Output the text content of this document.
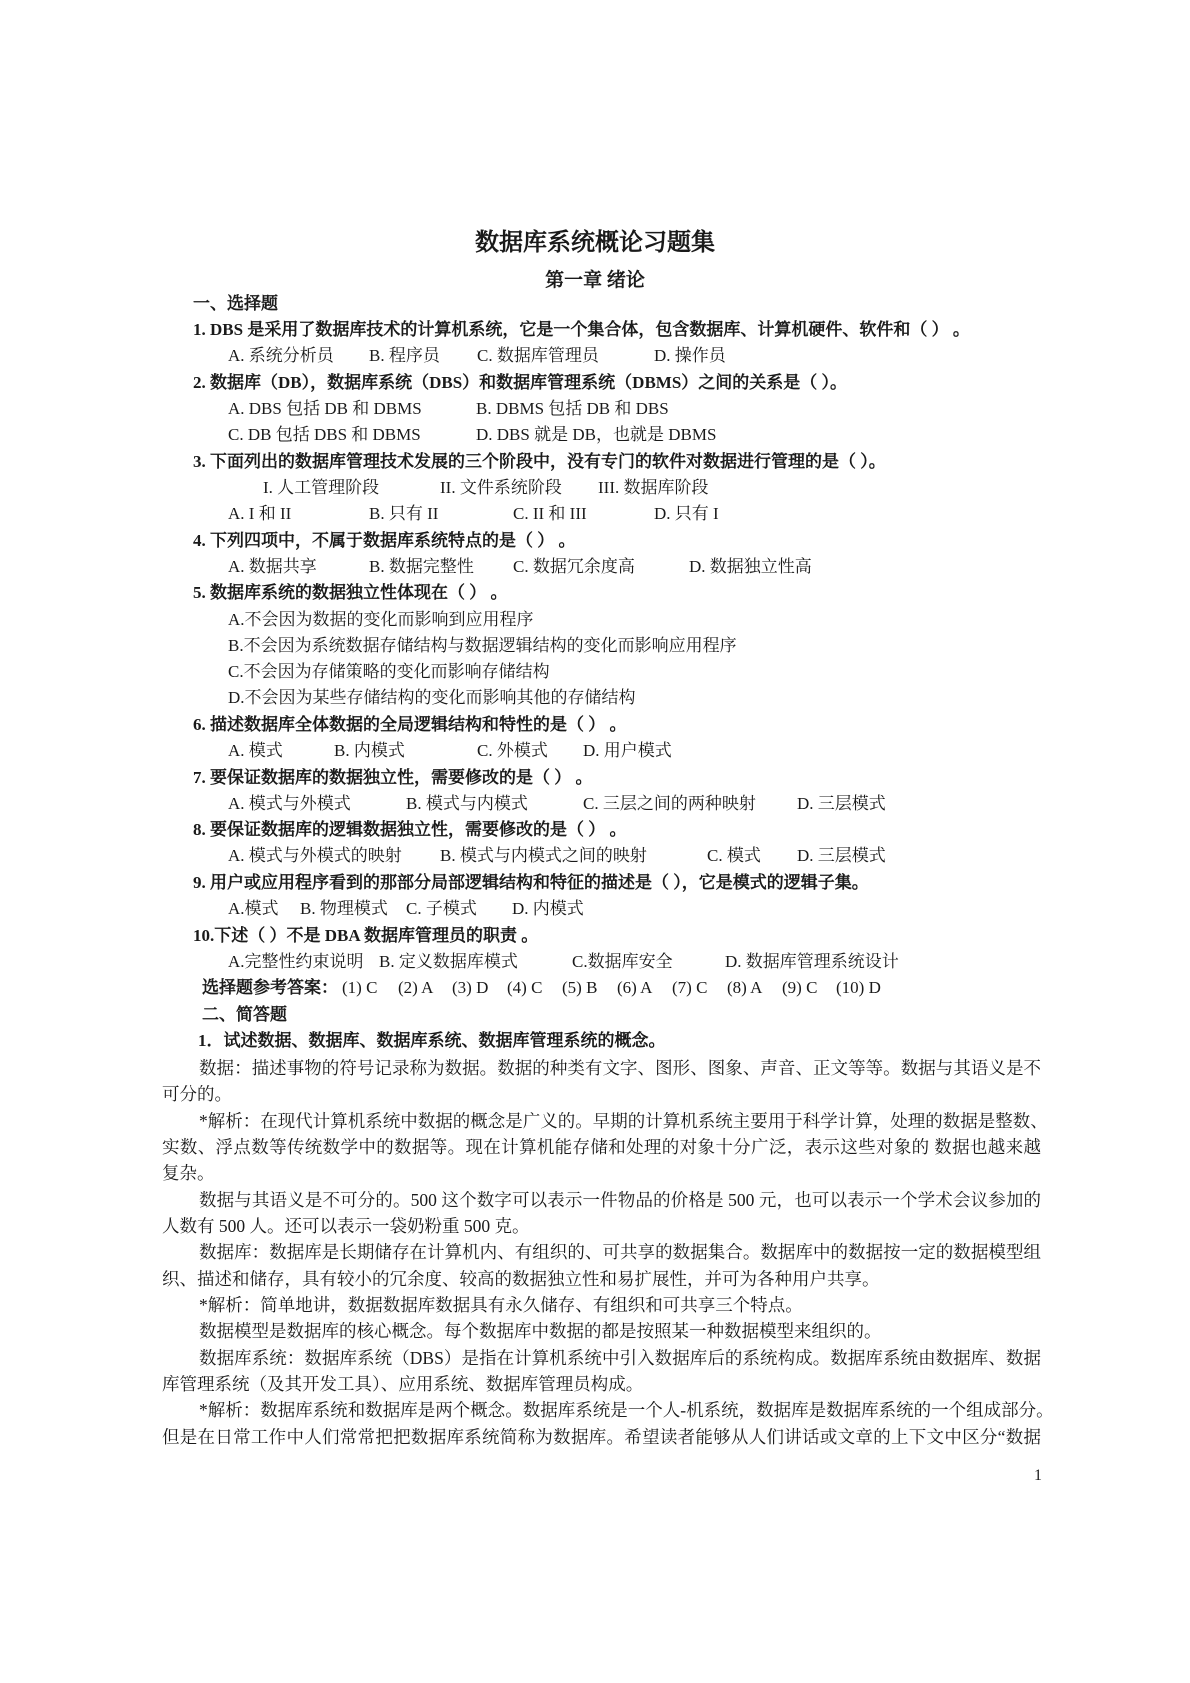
数据库系统概论习题集
第一章 绪论
一、选择题
1. DBS 是采用了数据库技术的计算机系统，它是一个集合体，包含数据库、计算机硬件、软件和（ ） 。
A. 系统分析员 B. 程序员 C. 数据库管理员	D. 操作员
2. 数据库（DB），数据库系统（DBS）和数据库管理系统（DBMS）之间的关系是（ ）。
A. DBS 包括 DB 和 DBMS	B. DBMS 包括 DB 和 DBS
C. DB 包括 DBS 和 DBMS	D. DBS 就是 DB，也就是 DBMS
3. 下面列出的数据库管理技术发展的三个阶段中，没有专门的软件对数据进行管理的是（ ）。
I. 人工管理阶段	II. 文件系统阶段 III. 数据库阶段
A. I 和 II	B. 只有 II	C. II 和 III	D. 只有 I
4. 下列四项中，不属于数据库系统特点的是（ ） 。
A. 数据共享	B. 数据完整性 C. 数据冗余度高	D. 数据独立性高
5. 数据库系统的数据独立性体现在（ ） 。
A.不会因为数据的变化而影响到应用程序
B.不会因为系统数据存储结构与数据逻辑结构的变化而影响应用程序
C.不会因为存储策略的变化而影响存储结构
D.不会因为某些存储结构的变化而影响其他的存储结构
6. 描述数据库全体数据的全局逻辑结构和特性的是（ ） 。
A. 模式	B. 内模式	C. 外模式 D. 用户模式
7. 要保证数据库的数据独立性，需要修改的是（ ） 。
A. 模式与外模式	B. 模式与内模式	C. 三层之间的两种映射 D. 三层模式
8. 要保证数据库的逻辑数据独立性，需要修改的是（ ） 。
A. 模式与外模式的映射 B. 模式与内模式之间的映射	C. 模式 D. 三层模式
9. 用户或应用程序看到的那部分局部逻辑结构和特征的描述是（ ），它是模式的逻辑子集。
A.模式 B. 物理模式 C. 子模式 D. 内模式
10.下述（ ）不是 DBA 数据库管理员的职责 。
A.完整性约束说明 B. 定义数据库模式	C.数据库安全	D. 数据库管理系统设计
选择题参考答案： (1) C (2) A (3) D (4) C (5) B (6) A (7) C (8) A (9) C (10) D
二、简答题
1．试述数据、数据库、数据库系统、数据库管理系统的概念。
数据：描述事物的符号记录称为数据。数据的种类有文字、图形、图象、声音、正文等等。数据与其语义是不
可分的。
*解析：在现代计算机系统中数据的概念是广义的。早期的计算机系统主要用于科学计算，处理的数据是整数、
实数、浮点数等传统数学中的数据等。现在计算机能存储和处理的对象十分广泛，表示这些对象的 数据也越来越
复杂。
数据与其语义是不可分的。500 这个数字可以表示一件物品的价格是 500 元，也可以表示一个学术会议参加的
人数有 500 人。还可以表示一袋奶粉重 500 克。
数据库：数据库是长期储存在计算机内、有组织的、可共享的数据集合。数据库中的数据按一定的数据模型组
织、描述和储存，具有较小的冗余度、较高的数据独立性和易扩展性，并可为各种用户共享。
*解析：简单地讲，数据数据库数据具有永久储存、有组织和可共享三个特点。
数据模型是数据库的核心概念。每个数据库中数据的都是按照某一种数据模型来组织的。
数据库系统：数据库系统（DBS）是指在计算机系统中引入数据库后的系统构成。数据库系统由数据库、数据
库管理系统（及其开发工具）、应用系统、数据库管理员构成。
*解析：数据库系统和数据库是两个概念。数据库系统是一个人-机系统，数据库是数据库系统的一个组成部分。
但是在日常工作中人们常常把把数据库系统简称为数据库。希望读者能够从人们讲话或文章的上下文中区分“数据
1
